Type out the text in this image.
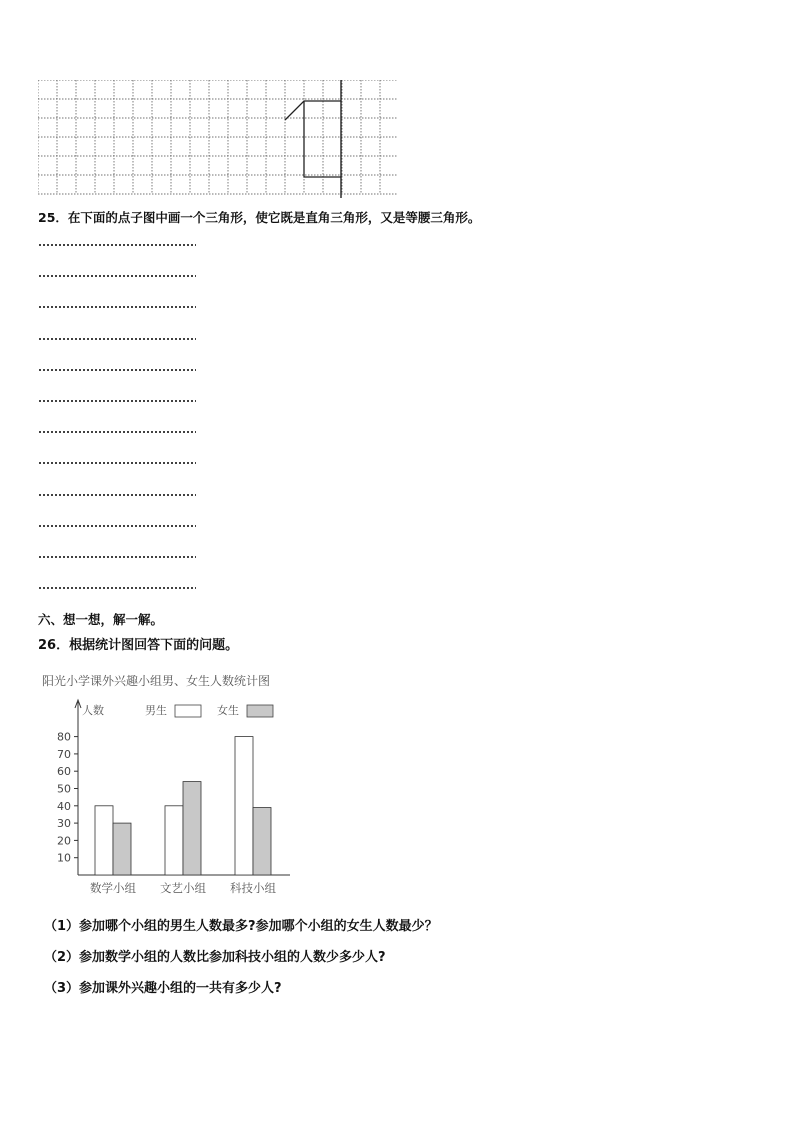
25．在下面的点子图中画一个三角形，使它既是直角三角形，又是等腰三角形。
六、想一想，解一解。
26．根据统计图回答下面的问题。
阳光小学课外兴趣小组男、女生人数统计图
人数
10
20
30
40
50
60
70
80
男生	女生
数学小组 文艺小组 科技小组
（1）参加哪个小组的男生人数最多?参加哪个小组的女生人数最少？
（2）参加数学小组的人数比参加科技小组的人数少多少人?
（3）参加课外兴趣小组的一共有多少人?
